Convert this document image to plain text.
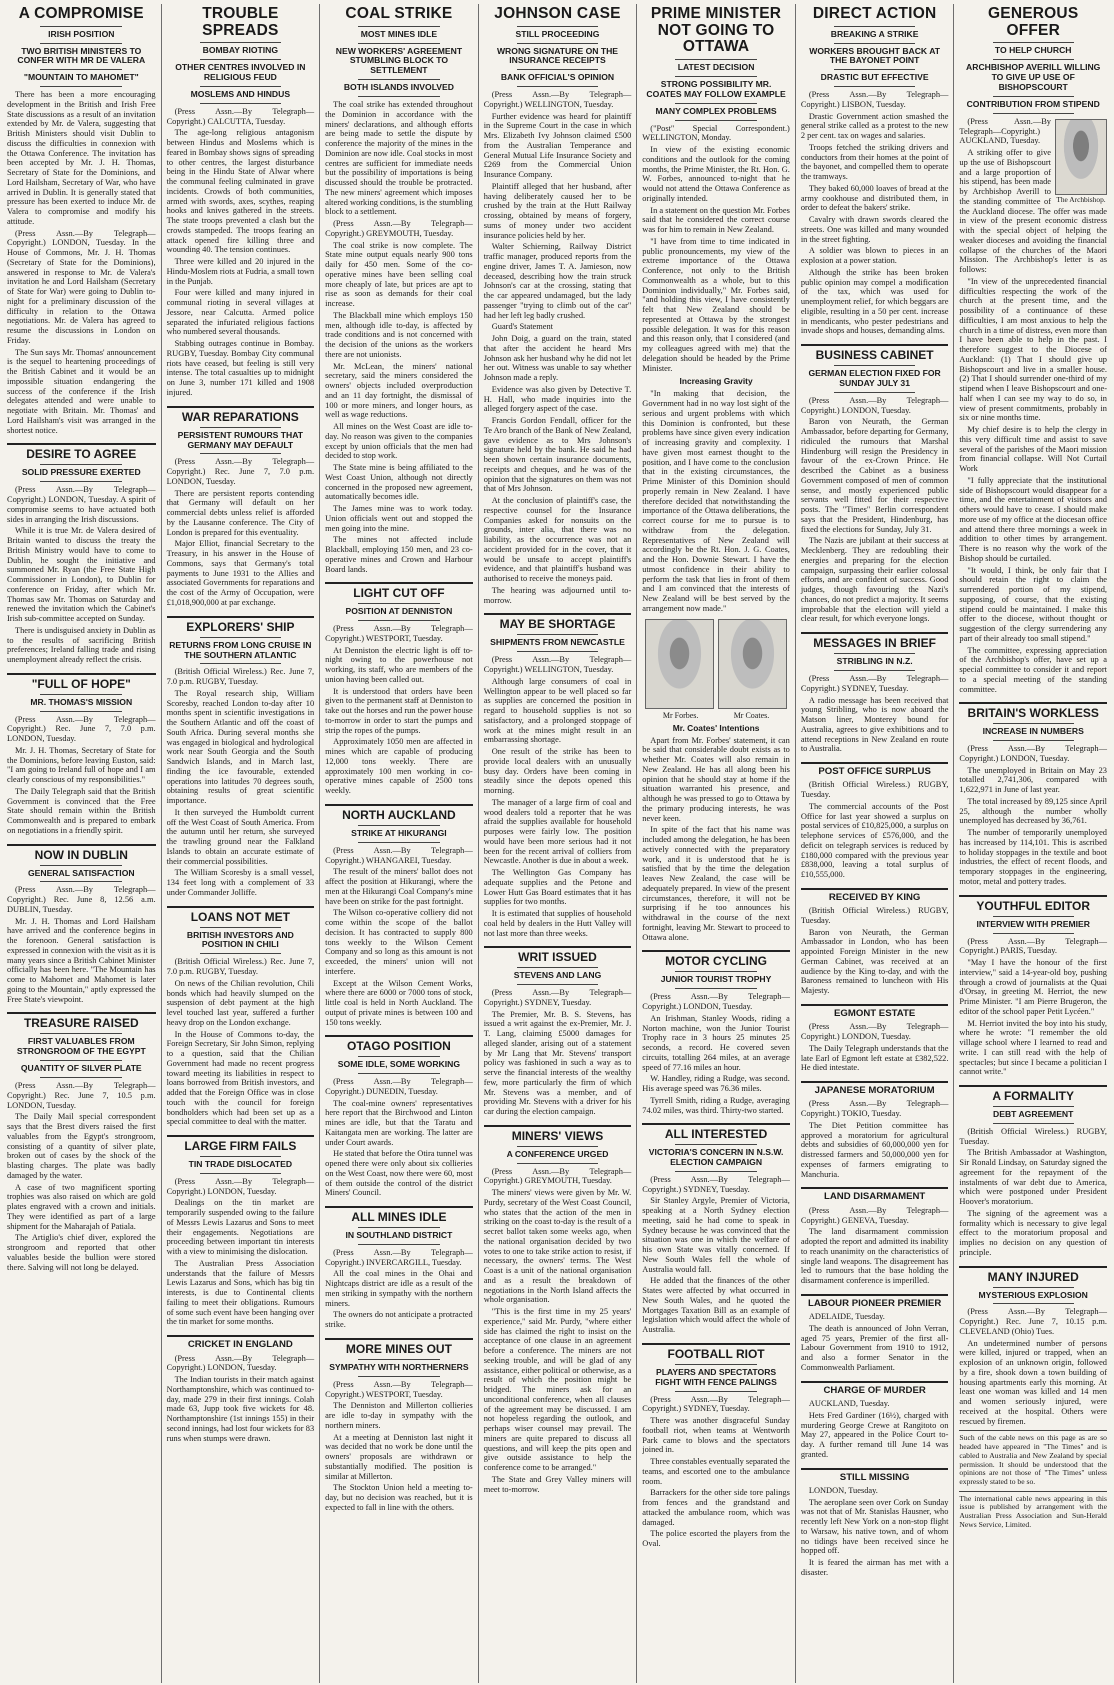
A COMPROMISE
IRISH POSITION
TWO BRITISH MINISTERS TO CONFER WITH MR DE VALERA
"MOUNTAIN TO MAHOMET"

There has been a more encouraging development in the British and Irish Free State discussions as a result of an invitation extended by Mr. de Valera, suggesting that British Ministers should visit Dublin to discuss the difficulties in connexion with the Ottawa Conference. The invitation has been accepted by Mr. J. H. Thomas, Secretary of State for the Dominions, and Lord Hailsham, Secretary of War, who have arrived in Dublin. It is generally stated that pressure has been exerted to induce Mr. de Valera to compromise and modify his attitude.

(Press Assn.—By Telegraph—Copyright.) LONDON, Tuesday. In the House of Commons, Mr. J. H. Thomas (Secretary of State for the Dominions), answered in response to Mr. de Valera's invitation he and Lord Hailsham (Secretary of State for War) were going to Dublin to-night for a preliminary discussion of the difficulty in relation to the Ottawa negotiations. Mr. de Valera has agreed to resume the discussions in London on Friday.

The Sun says Mr. Thomas' announcement is the sequel to heartening proceedings of the British Cabinet and it would be an impossible situation endangering the success of the conference if the Irish delegates attended and were unable to negotiate with Britain. Mr. Thomas' and Lord Hailsham's visit was arranged in the shortest notice.

DESIRE TO AGREE
SOLID PRESSURE EXERTED

(Press Assn.—By Telegraph—Copyright.) LONDON, Tuesday. A spirit of compromise seems to have actuated both sides in arranging the Irish discussions.

While it is true Mr. de Valera desired of Britain wanted to discuss the treaty the British Ministry would have to come to Dublin, he sought the initiative and summoned Mr. Ryan (the Free State High Commissioner in London), to Dublin for conference on Friday, after which Mr. Thomas saw Mr. Thomas on Saturday and renewed the invitation which the Cabinet's Irish sub-committee accepted on Sunday.

There is undisguised anxiety in Dublin as to the results of sacrificing British preferences; Ireland falling trade and rising unemployment already reflect the crisis.

"FULL OF HOPE"
MR. THOMAS'S MISSION

(Press Assn.—By Telegraph—Copyright.) Rec. June 7, 7.0 p.m. LONDON, Tuesday.

Mr. J. H. Thomas, Secretary of State for the Dominions, before leaving Euston, said: "I am going to Ireland full of hope and I am clearly conscious of my responsibilities."

The Daily Telegraph said that the British Government is convinced that the Free State should remain within the British Commonwealth and is prepared to embark on negotiations in a friendly spirit.

NOW IN DUBLIN
GENERAL SATISFACTION

(Press Assn.—By Telegraph—Copyright.) Rec. June 8, 12.56 a.m. DUBLIN, Tuesday.

Mr. J. H. Thomas and Lord Hailsham have arrived and the conference begins in the forenoon. General satisfaction is expressed in connexion with the visit as it is many years since a British Cabinet Minister officially has been here. "The Mountain has come to Mahomet and Mahomet is later going to the Mountain," aptly expressed the Free State's viewpoint.

TREASURE RAISED
FIRST VALUABLES FROM STRONGROOM OF THE EGYPT
QUANTITY OF SILVER PLATE

(Press Assn.—By Telegraph—Copyright.) Rec. June 7, 10.5 p.m. LONDON, Tuesday.

The Daily Mail special correspondent says that the Brest divers raised the first valuables from the Egypt's strongroom, consisting of a quantity of silver plate, broken out of cases by the shock of the blasting charges. The plate was badly damaged by the water.

A case of two magnificent sporting trophies was also raised on which are gold plates engraved with a crown and initials. They were identified as part of a large shipment for the Maharajah of Patiala.

The Artiglio's chief diver, explored the strongroom and reported that other valuables beside the bullion were stored there. Salving will not long be delayed.

TROUBLE SPREADS
BOMBAY RIOTING
OTHER CENTRES INVOLVED IN RELIGIOUS FEUD
MOSLEMS AND HINDUS

(Press Assn.—By Telegraph—Copyright.) CALCUTTA, Tuesday.

The age-long religious antagonism between Hindus and Moslems which is feared in Bombay shows signs of spreading to other centres, the largest disturbance being in the Hindu State of Alwar where the communal feeling culminated in grave incidents. Crowds of both communities, armed with swords, axes, scythes, reaping hooks and knives gathered in the streets. The state troops prevented a clash but the crowds stampeded. The troops fearing an attack opened fire killing three and wounding 40. The tension continues.

Three were killed and 20 injured in the Hindu-Moslem riots at Fudria, a small town in the Punjab.

Four were killed and many injured in communal rioting in several villages at Jessore, near Calcutta. Armed police separated the infuriated religious factions who numbered several thousands.

Stabbing outrages continue in Bombay. RUGBY, Tuesday. Bombay City communal riots have ceased, but feeling is still very intense. The total casualties up to midnight on June 3, number 171 killed and 1908 injured.

WAR REPARATIONS
PERSISTENT RUMOURS THAT GERMANY MAY DEFAULT

(Press Assn.—By Telegraph—Copyright.) Rec. June 7, 7.0 p.m. LONDON, Tuesday.

There are persistent reports contending that Germany will default on her commercial debts unless relief is afforded by the Lausanne conference. The City of London is prepared for this eventuality.

Major Elliot, financial Secretary to the Treasury, in his answer in the House of Commons, says that Germany's total payments to June 1931 to the Allies and associated Governments for reparations and the cost of the Army of Occupation, were £1,018,900,000 at par exchange.

EXPLORERS' SHIP
RETURNS FROM LONG CRUISE IN THE SOUTHERN ATLANTIC

(British Official Wireless.) Rec. June 7, 7.0 p.m. RUGBY, Tuesday.

The Royal research ship, William Scoresby, reached London to-day after 10 months spent in scientific investigations in the Southern Atlantic and off the coast of South Africa. During several months she was engaged in biological and hydrological work near South Georgia and the South Sandwich Islands, and in March last, finding the ice favourable, extended operations into latitudes 70 degrees south, obtaining results of great scientific importance.

It then surveyed the Humboldt current off the West Coast of South America. From the autumn until her return, she surveyed the trawling ground near the Falkland Islands to obtain an accurate estimate of their commercial possibilities.

The William Scoresby is a small vessel, 134 feet long with a complement of 33 under Commander Jolliffe.

LOANS NOT MET
BRITISH INVESTORS AND POSITION IN CHILI

(British Official Wireless.) Rec. June 7, 7.0 p.m. RUGBY, Tuesday.

On news of the Chilian revolution, Chili bonds which had heavily slumped on the suspension of debt payment at the high level touched last year, suffered a further heavy drop on the London exchange.

In the House of Commons to-day, the Foreign Secretary, Sir John Simon, replying to a question, said that the Chilian Government had made no recent progress toward meeting its liabilities in respect to loans borrowed from British investors, and added that the Foreign Office was in close touch with the council for foreign bondholders which had been set up as a special committee to deal with the matter.

LARGE FIRM FAILS
TIN TRADE DISLOCATED

(Press Assn.—By Telegraph—Copyright.) LONDON, Tuesday.

Dealings on the tin market are temporarily suspended owing to the failure of Messrs Lewis Lazarus and Sons to meet their engagements. Negotiations are proceeding between important tin interests with a view to minimising the dislocation.

The Australian Press Association understands that the failure of Messrs Lewis Lazarus and Sons, which has big tin interests, is due to Continental clients failing to meet their obligations. Rumours of some such event have been hanging over the tin market for some months.

CRICKET IN ENGLAND

(Press Assn.—By Telegraph—Copyright.) LONDON, Tuesday.

The Indian tourists in their match against Northamptonshire, which was continued to-day, made 279 in their first innings. Colah made 63, Jupp took five wickets for 48. Northamptonshire (1st innings 155) in their second innings, had lost four wickets for 83 runs when stumps were drawn.

COAL STRIKE
MOST MINES IDLE
NEW WORKERS' AGREEMENT STUMBLING BLOCK TO SETTLEMENT
BOTH ISLANDS INVOLVED

The coal strike has extended throughout the Dominion in accordance with the miners' declarations, and although efforts are being made to settle the dispute by conference the majority of the mines in the Dominion are now idle. Coal stocks in most centres are sufficient for immediate needs but the possibility of importations is being discussed should the trouble be protracted. The new miners' agreement which imposes altered working conditions, is the stumbling block to a settlement.

(Press Assn.—By Telegraph—Copyright.) GREYMOUTH, Tuesday.

The coal strike is now complete. The State mine output equals nearly 900 tons daily for 450 men. Some of the co-operative mines have been selling coal more cheaply of late, but prices are apt to rise as soon as demands for their coal increase.

The Blackball mine which employs 150 men, although idle to-day, is affected by trade conditions and is not concerned with the decision of the unions as the workers there are not unionists.

Mr. McLean, the miners' national secretary, said the miners considered the owners' objects included overproduction and an 11 day fortnight, the dismissal of 100 or more miners, and longer hours, as well as wage reductions.

All mines on the West Coast are idle to-day. No reason was given to the companies except by union officials that the men had decided to stop work.

The State mine is being affiliated to the West Coast Union, although not directly concerned in the proposed new agreement, automatically becomes idle.

The James mine was to work today. Union officials went out and stopped the men going into the mine.

The mines not affected include Blackball, employing 150 men, and 23 co-operative mines and Crown and Harbour Board lands.

LIGHT CUT OFF
POSITION AT DENNISTON

(Press Assn.—By Telegraph—Copyright.) WESTPORT, Tuesday.

At Denniston the electric light is off to-night owing to the powerhouse not working, its staff, who are members of the union having been called out.

It is understood that orders have been given to the permanent staff at Denniston to take out the horses and run the power house to-morrow in order to start the pumps and strip the ropes of the pumps.

Approximately 1050 men are affected in mines which are capable of producing 12,000 tons weekly. There are approximately 100 men working in co-operative mines capable of 2500 tons weekly.

NORTH AUCKLAND
STRIKE AT HIKURANGI

(Press Assn.—By Telegraph—Copyright.) WHANGAREI, Tuesday.

The result of the miners' ballot does not affect the position at Hikurangi, where the men at the Hikurangi Coal Company's mine have been on strike for the past fortnight.

The Wilson co-operative colliery did not come within the scope of the ballot decision. It has contracted to supply 800 tons weekly to the Wilson Cement Company and so long as this amount is not exceeded, the miners' union will not interfere.

Except at the Wilson Cement Works, where there are 6000 or 7000 tons of stock, little coal is held in North Auckland. The output of private mines is between 100 and 150 tons weekly.

OTAGO POSITION
SOME IDLE, SOME WORKING

(Press Assn.—By Telegraph—Copyright.) DUNEDIN, Tuesday.

The coal-mine owners' representatives here report that the Birchwood and Linton mines are idle, but that the Taratu and Kaitangata men are working. The latter are under Court awards.

He stated that before the Otira tunnel was opened there were only about six collieries on the West Coast, now there were 60, most of them outside the control of the district Miners' Council.

ALL MINES IDLE
IN SOUTHLAND DISTRICT

(Press Assn.—By Telegraph—Copyright.) INVERCARGILL, Tuesday.

All the coal mines in the Ohai and Nightcaps district are idle as a result of the men striking in sympathy with the northern miners.

The owners do not anticipate a protracted strike.

MORE MINES OUT
SYMPATHY WITH NORTHERNERS

(Press Assn.—By Telegraph—Copyright.) WESTPORT, Tuesday.

The Denniston and Millerton collieries are idle to-day in sympathy with the northern miners.

At a meeting at Denniston last night it was decided that no work be done until the owners' proposals are withdrawn or substantially modified. The position is similar at Millerton.

The Stockton Union held a meeting to-day, but no decision was reached, but it is expected to fall in line with the others.

JOHNSON CASE
STILL PROCEEDING
WRONG SIGNATURE ON THE INSURANCE RECEIPTS
BANK OFFICIAL'S OPINION

(Press Assn.—By Telegraph—Copyright.) WELLINGTON, Tuesday.

Further evidence was heard for plaintiff in the Supreme Court in the case in which Mrs. Elizabeth Ivy Johnson claimed £500 from the Australian Temperance and General Mutual Life Insurance Society and £269 from the Commercial Union Insurance Company.

Plaintiff alleged that her husband, after having deliberately caused her to be crushed by the train at the Hutt Railway crossing, obtained by means of forgery, sums of money under two accident insurance policies held by her.

Walter Schierning, Railway District traffic manager, produced reports from the engine driver, James T. A. Jamieson, now deceased, describing how the train struck Johnson's car at the crossing, stating that the car appeared undamaged, but the lady passenger "trying to climb out of the car" had her left leg badly crushed.

Guard's Statement

John Doig, a guard on the train, stated that after the accident he heard Mrs Johnson ask her husband why he did not let her out. Witness was unable to say whether Johnson made a reply.

Evidence was also given by Detective T. H. Hall, who made inquiries into the alleged forgery aspect of the case.

Francis Gordon Fendall, officer for the Te Aro branch of the Bank of New Zealand, gave evidence as to Mrs Johnson's signature held by the bank. He said he had been shown certain insurance documents, receipts and cheques, and he was of the opinion that the signatures on them was not that of Mrs Johnson.

At the conclusion of plaintiff's case, the respective counsel for the Insurance Companies asked for nonsuits on the grounds, inter alia, that there was no liability, as the occurrence was not an accident provided for in the cover, that it would be unsafe to accept plaintiff's evidence, and that plaintiff's husband was authorised to receive the moneys paid.

The hearing was adjourned until to-morrow.

MAY BE SHORTAGE
SHIPMENTS FROM NEWCASTLE

(Press Assn.—By Telegraph—Copyright.) WELLINGTON, Tuesday.

Although large consumers of coal in Wellington appear to be well placed so far as supplies are concerned the position in regard to household supplies is not so satisfactory, and a prolonged stoppage of work at the mines might result in an embarrassing shortage.

One result of the strike has been to provide local dealers with an unusually busy day. Orders have been coming in steadily since the depots opened this morning.

The manager of a large firm of coal and wood dealers told a reporter that he was afraid the supplies available for household purposes were fairly low. The position would have been more serious had it not been for the recent arrival of colliers from Newcastle. Another is due in about a week.

The Wellington Gas Company has adequate supplies and the Petone and Lower Hutt Gas Board estimates that it has supplies for two months.

It is estimated that supplies of household coal held by dealers in the Hutt Valley will not last more than three weeks.

WRIT ISSUED
STEVENS AND LANG

(Press Assn.—By Telegraph—Copyright.) SYDNEY, Tuesday.

The Premier, Mr. B. S. Stevens, has issued a writ against the ex-Premier, Mr. J. T. Lang, claiming £5000 damages for alleged slander, arising out of a statement by Mr Lang that Mr. Stevens' transport policy was fashioned in such a way as to serve the financial interests of the wealthy few, more particularly the firm of which Mr. Stevens was a member, and of providing Mr. Stevens with a driver for his car during the election campaign.

MINERS' VIEWS
A CONFERENCE URGED

(Press Assn.—By Telegraph—Copyright.) GREYMOUTH, Tuesday.

The miners' views were given by Mr. W. Purdy, secretary of the West Coast Council, who states that the action of the men in striking on the coast to-day is the result of a secret ballot taken some weeks ago, when the national organisation decided by two votes to one to take strike action to resist, if necessary, the owners' terms. The West Coast is a unit of the national organisation and as a result the breakdown of negotiations in the North Island affects the whole organisation.

"This is the first time in my 25 years' experience," said Mr. Purdy, "where either side has claimed the right to insist on the acceptance of one clause in an agreement before a conference. The miners are not seeking trouble, and will be glad of any assistance, either political or otherwise, as a result of which the position might be bridged. The miners ask for an unconditional conference, when all clauses of the agreement may be discussed. I am not hopeless regarding the outlook, and perhaps wiser counsel may prevail. The miners are quite prepared to discuss all questions, and will keep the pits open and give outside assistance to help the conference come to be arranged."

The State and Grey Valley miners will meet to-morrow.

PRIME MINISTER NOT GOING TO OTTAWA
LATEST DECISION
STRONG POSSIBILITY MR. COATES MAY FOLLOW EXAMPLE
MANY COMPLEX PROBLEMS

("Post" Special Correspondent.) WELLINGTON, Monday.

In view of the existing economic conditions and the outlook for the coming months, the Prime Minister, the Rt. Hon. G. W. Forbes, announced to-night that he would not attend the Ottawa Conference as originally intended.

In a statement on the question Mr. Forbes said that he considered the correct course was for him to remain in New Zealand.

"I have from time to time indicated in public pronouncements, my view of the extreme importance of the Ottawa Conference, not only to the British Commonwealth as a whole, but to this Dominion individually," Mr. Forbes said, "and holding this view, I have consistently felt that New Zealand should be represented at Ottawa by the strongest possible delegation. It was for this reason and this reason only, that I considered (and my colleagues agreed with me) that the delegation should be headed by the Prime Minister.

Increasing Gravity

"In making that decision, the Government had in no way lost sight of the serious and urgent problems with which this Dominion is confronted, but these problems have since given every indication of increasing gravity and complexity. I have given most earnest thought to the position, and I have come to the conclusion that in the existing circumstances, the Prime Minister of this Dominion should properly remain in New Zealand. I have therefore decided that notwithstanding the importance of the Ottawa deliberations, the correct course for me to pursue is to withdraw from the delegation. Representatives of New Zealand will accordingly be the Rt. Hon. J. G. Coates, and the Hon. Downie Stewart. I have the utmost confidence in their ability to perform the task that lies in front of them and I am convinced that the interests of New Zealand will be best served by the arrangement now made."

Mr Forbes.	Mr Coates.
Mr. Coates' Intentions

Apart from Mr. Forbes' statement, it can be said that considerable doubt exists as to whether Mr. Coates will also remain in New Zealand. He has all along been his opinion that he should stay at home if the situation warranted his presence, and although he was pressed to go to Ottawa by the primary producing interests, he was never keen.

In spite of the fact that his name was included among the delegation, he has been actively connected with the preparatory work, and it is understood that he is satisfied that by the time the delegation leaves New Zealand, the case will be adequately prepared. In view of the present circumstances, therefore, it will not be surprising if he too announces his withdrawal in the course of the next fortnight, leaving Mr. Stewart to proceed to Ottawa alone.

MOTOR CYCLING
JUNIOR TOURIST TROPHY

(Press Assn.—By Telegraph—Copyright.) LONDON, Tuesday.

An Irishman, Stanley Woods, riding a Norton machine, won the Junior Tourist Trophy race in 3 hours 25 minutes 25 seconds, a record. He covered seven circuits, totalling 264 miles, at an average speed of 77.16 miles an hour.

W. Handley, riding a Rudge, was second. His average speed was 76.36 miles.

Tyrrell Smith, riding a Rudge, averaging 74.02 miles, was third. Thirty-two started.

ALL INTERESTED
VICTORIA'S CONCERN IN N.S.W. ELECTION CAMPAIGN

(Press Assn.—By Telegraph—Copyright.) SYDNEY, Tuesday.

Sir Stanley Argyle, Premier of Victoria, speaking at a North Sydney election meeting, said he had come to speak in Sydney because he was convinced that the situation was one in which the welfare of his own State was vitally concerned. If New South Wales fell the whole of Australia would fall.

He added that the finances of the other States were affected by what occurred in New South Wales, and he quoted the Mortgages Taxation Bill as an example of legislation which would affect the whole of Australia.

FOOTBALL RIOT
PLAYERS AND SPECTATORS FIGHT WITH FENCE PALINGS

(Press Assn.—By Telegraph—Copyright.) SYDNEY, Tuesday.

There was another disgraceful Sunday football riot, when teams at Wentworth Park came to blows and the spectators joined in.

Three constables eventually separated the teams, and escorted one to the ambulance room.

Barrackers for the other side tore palings from fences and the grandstand and attacked the ambulance room, which was damaged.

The police escorted the players from the Oval.

DIRECT ACTION
BREAKING A STRIKE
WORKERS BROUGHT BACK AT THE BAYONET POINT
DRASTIC BUT EFFECTIVE

(Press Assn.—By Telegraph—Copyright.) LISBON, Tuesday.

Drastic Government action smashed the general strike called as a protest to the new 2 per cent. tax on wages and salaries.

Troops fetched the striking drivers and conductors from their homes at the point of the bayonet, and compelled them to operate the tramways.

They baked 60,000 loaves of bread at the army cookhouse and distributed them, in order to defeat the bakers' strike.

Cavalry with drawn swords cleared the streets. One was killed and many wounded in the street fighting.

A soldier was blown to pieces in an explosion at a power station.

Although the strike has been broken public opinion may compel a modification of the tax, which was used for unemployment relief, for which beggars are eligible, resulting in a 50 per cent. increase in mendicants, who pester pedestrians and invade shops and houses, demanding alms.

BUSINESS CABINET
GERMAN ELECTION FIXED FOR SUNDAY JULY 31

(Press Assn.—By Telegraph—Copyright.) LONDON, Tuesday.

Baron von Neurath, the German Ambassador, before departing for Germany, ridiculed the rumours that Marshal Hindenburg will resign the Presidency in favour of the ex-Crown Prince. He described the Cabinet as a business Government composed of men of common sense, and mostly experienced public servants well fitted for their respective posts. The "Times" Berlin correspondent says that the President, Hindenburg, has fixed the elections for Sunday, July 31.

The Nazis are jubilant at their success at Mecklenberg. They are redoubling their energies and preparing for the election campaign, surpassing their earlier colossal efforts, and are confident of success. Good judges, though favouring the Nazi's chances, do not predict a majority. It seems improbable that the election will yield a clear result, for which everyone longs.

MESSAGES IN BRIEF
STRIBLING IN N.Z.

(Press Assn.—By Telegraph—Copyright.) SYDNEY, Tuesday.

A radio message has been received that young Stribling, who is now aboard the Matson liner, Monterey bound for Australia, agrees to give exhibitions and to attend receptions in New Zealand en route to Australia.

POST OFFICE SURPLUS

(British Official Wireless.) RUGBY, Tuesday.

The commercial accounts of the Post Office for last year showed a surplus on postal services of £10,825,000, a surplus on telephone services of £576,000, and the deficit on telegraph services is reduced by £180,000 compared with the previous year £838,000, leaving a total surplus of £10,555,000.

RECEIVED BY KING

(British Official Wireless.) RUGBY, Tuesday.

Baron von Neurath, the German Ambassador in London, who has been appointed Foreign Minister in the new German Cabinet, was received at an audience by the King to-day, and with the Baroness remained to luncheon with His Majesty.

EGMONT ESTATE

(Press Assn.—By Telegraph—Copyright.) LONDON, Tuesday.

The Daily Telegraph understands that the late Earl of Egmont left estate at £382,522. He died intestate.

JAPANESE MORATORIUM

(Press Assn.—By Telegraph—Copyright.) TOKIO, Tuesday.

The Diet Petition committee has approved a moratorium for agricultural debts and subsidies of 60,000,000 yen for distressed farmers and 50,000,000 yen for expenses of farmers emigrating to Manchuria.

LAND DISARMAMENT

(Press Assn.—By Telegraph—Copyright.) GENEVA, Tuesday.

The land disarmament commission adopted the report and admitted its inability to reach unanimity on the characteristics of single land weapons. The disagreement has led to rumours that the base holding the disarmament conference is imperilled.

LABOUR PIONEER PREMIER

ADELAIDE, Tuesday.

The death is announced of John Verran, aged 75 years, Premier of the first all-Labour Government from 1910 to 1912, and also a former Senator in the Commonwealth Parliament.

CHARGE OF MURDER

AUCKLAND, Tuesday.

Hets Fred Gardiner (16½), charged with murdering George Crewe at Rangitoto on May 27, appeared in the Police Court to-day. A further remand till June 14 was granted.

STILL MISSING

LONDON, Tuesday.

The aeroplane seen over Cork on Sunday was not that of Mr. Stanislas Hausner, who recently left New York on a non-stop flight to Warsaw, his native town, and of whom no tidings have been received since he hopped off.

It is feared the airman has met with a disaster.

GENEROUS OFFER
TO HELP CHURCH
ARCHBISHOP AVERILL WILLING TO GIVE UP USE OF BISHOPSCOURT
CONTRIBUTION FROM STIPEND
The Archbishop.

(Press Assn.—By Telegraph—Copyright.) AUCKLAND, Tuesday.

A striking offer to give up the use of Bishopscourt and a large proportion of his stipend, has been made by Archbishop Averill to the standing committee of the Auckland diocese. The offer was made in view of the present economic distress with the special object of helping the weaker dioceses and avoiding the financial collapse of the churches of the Maori Mission. The Archbishop's letter is as follows:

"In view of the unprecedented financial difficulties respecting the work of the church at the present time, and the possibility of a continuance of these difficulties, I am most anxious to help the church in a time of distress, even more than I have been able to help in the past. I therefore suggest to the Diocese of Auckland: (1) That I should give up Bishopscourt and live in a smaller house. (2) That I should surrender one-third of my stipend when I leave Bishopscourt and one-half when I can see my way to do so, in view of present commitments, probably in six or nine months time.

My chief desire is to help the clergy in this very difficult time and assist to save several of the parishes of the Maori mission from financial collapse. Will Not Curtail Work

"I fully appreciate that the institutional side of Bishopscourt would disappear for a time, and the entertainment of visitors and others would have to cease. I should make more use of my office at the diocesan office and attend there three mornings a week in addition to other times by arrangement. There is no reason why the work of the Bishop should be curtailed.

"It would, I think, be only fair that I should retain the right to claim the surrendered portion of my stipend, supposing, of course, that the existing stipend could be maintained. I make this offer to the diocese, without thought or suggestion of the clergy surrendering any part of their already too small stipend."

The committee, expressing appreciation of the Archbishop's offer, have set up a special committee to consider it and report to a special meeting of the standing committee.

BRITAIN'S WORKLESS
INCREASE IN NUMBERS

(Press Assn.—By Telegraph—Copyright.) LONDON, Tuesday.

The unemployed in Britain on May 23 totalled 2,741,306, compared with 1,622,971 in June of last year.

The total increased by 89,125 since April 25, although the number wholly unemployed has decreased by 36,761.

The number of temporarily unemployed has increased by 114,101. This is ascribed to holiday stoppages in the textile and boot industries, the effect of recent floods, and temporary stoppages in the engineering, motor, metal and pottery trades.

YOUTHFUL EDITOR
INTERVIEW WITH PREMIER

(Press Assn.—By Telegraph—Copyright.) PARIS, Tuesday.

"May I have the honour of the first interview," said a 14-year-old boy, pushing through a crowd of journalists at the Quai d'Orsay, in greeting M. Herriot, the new Prime Minister. "I am Pierre Brugeron, the editor of the school paper Petit Lycéen."

M. Herriot invited the boy into his study, where he wrote: "I remember the old village school where I learned to read and write. I can still read with the help of spectacles; but since I became a politician I cannot write."

A FORMALITY
DEBT AGREEMENT

(British Official Wireless.) RUGBY, Tuesday.

The British Ambassador at Washington, Sir Ronald Lindsay, on Saturday signed the agreement for the repayment of the instalments of war debt due to America, which were postponed under President Hoover's moratorium.

The signing of the agreement was a formality which is necessary to give legal effect to the moratorium proposal and implies no decision on any question of principle.

MANY INJURED
MYSTERIOUS EXPLOSION

(Press Assn.—By Telegraph—Copyright.) Rec. June 7, 10.15 p.m. CLEVELAND (Ohio) Tues.

An undetermined number of persons were killed, injured or trapped, when an explosion of an unknown origin, followed by a fire, shook down a town building of housing apartments early this morning. At least one woman was killed and 14 men and women seriously injured, were received at the hospital. Others were rescued by firemen.

Such of the cable news on this page as are so headed have appeared in "The Times" and is cabled to Australia and New Zealand by special permission. It should be understood that the opinions are not those of "The Times" unless expressly stated to be so.
The international cable news appearing in this issue is published by arrangement with the Australian Press Association and Sun-Herald News Service, Limited.
